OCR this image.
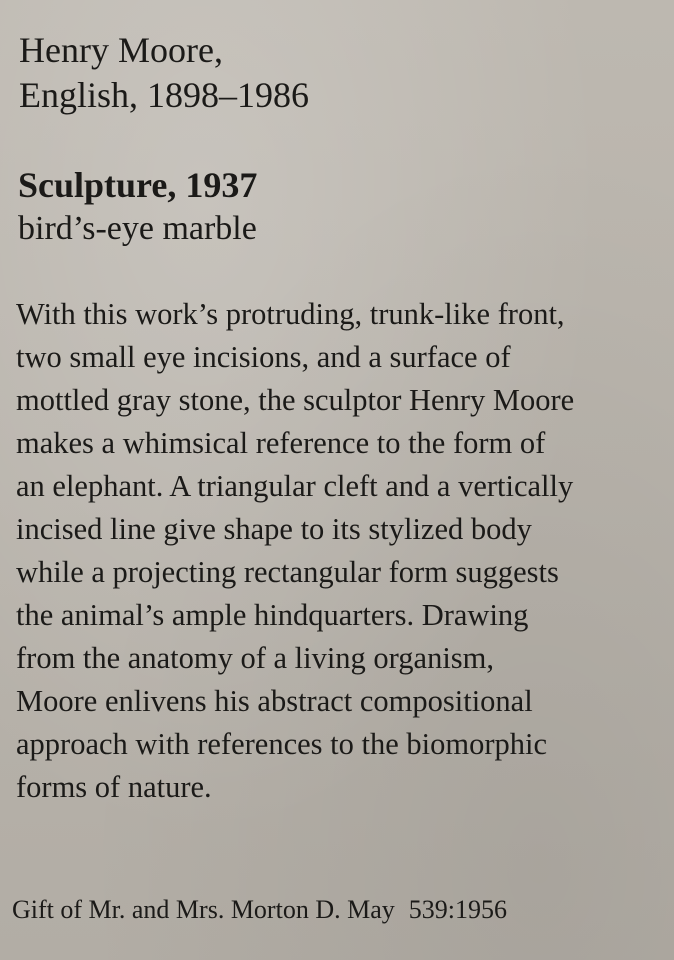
Henry Moore,
English, 1898–1986
Sculpture, 1937

bird’s-eye marble

With this work’s protruding, trunk-like front,
two small eye incisions, and a surface of
mottled gray stone, the sculptor Henry Moore
makes a whimsical reference to the form of
an elephant. A triangular cleft and a vertically
incised line give shape to its stylized body
while a projecting rectangular form suggests
the animal’s ample hindquarters. Drawing
from the anatomy of a living organism,
Moore enlivens his abstract compositional
approach with references to the biomorphic
forms of nature.

Gift of Mr. and Mrs. Morton D. May 539:1956
